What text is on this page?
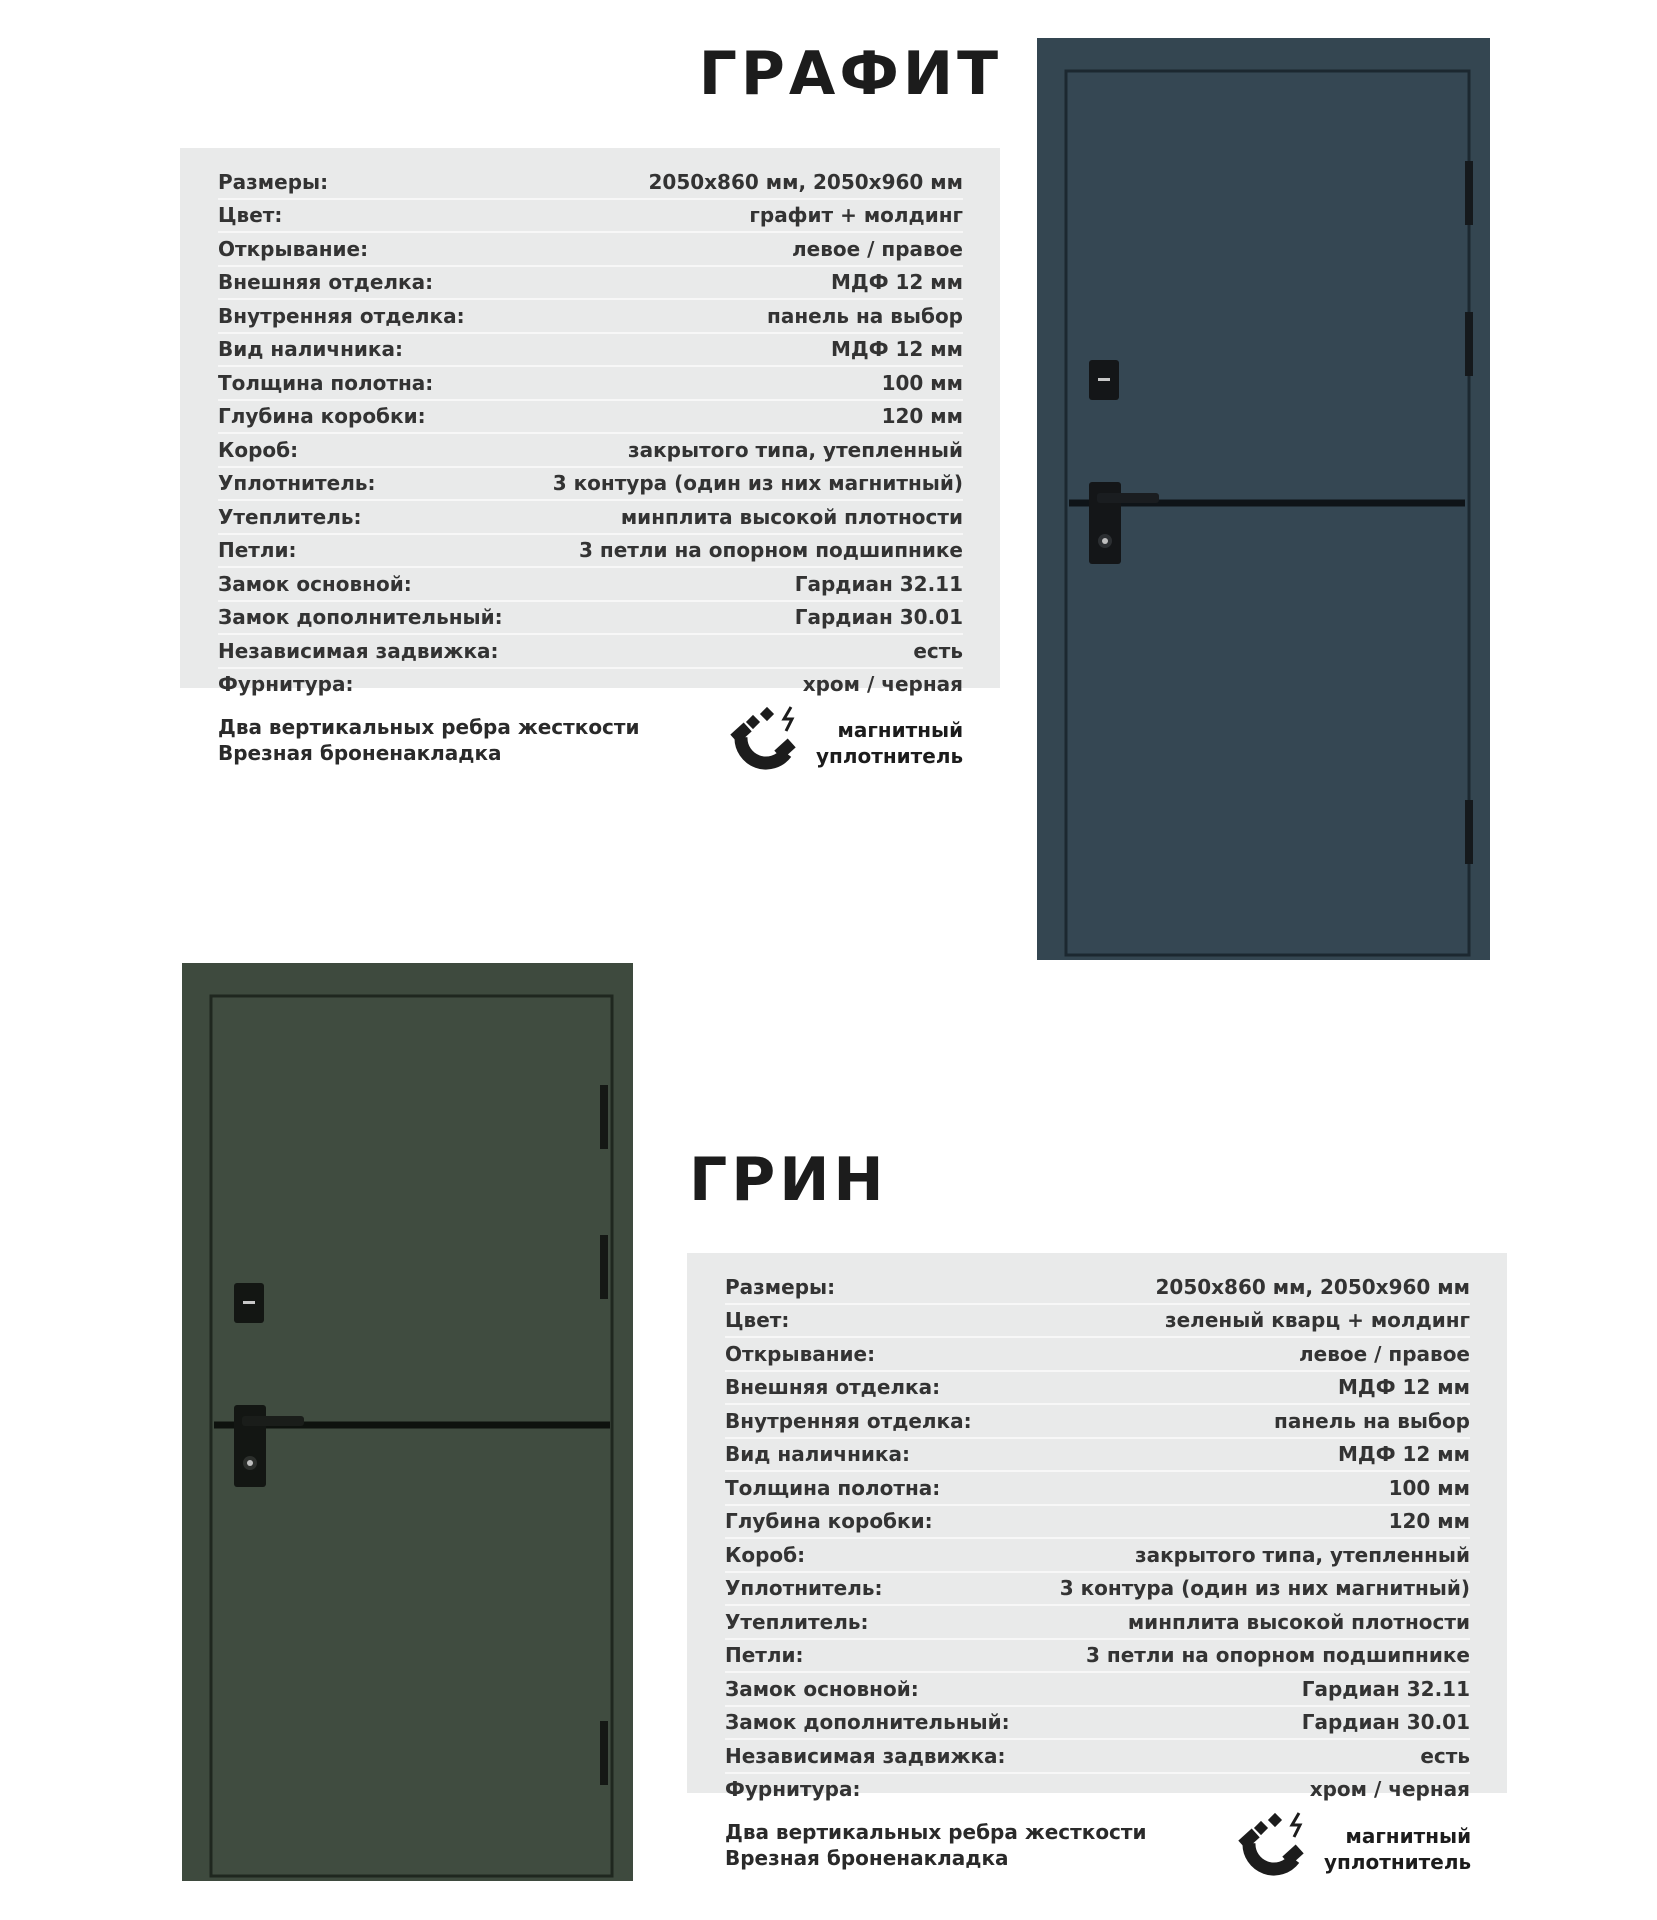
ГРАФИТ
Размеры:	2050x860 мм, 2050x960 мм
Цвет:	графит + молдинг
Открывание:	левое / правое
Внешняя отделка:	МДФ 12 мм
Внутренняя отделка:	панель на выбор
Вид наличника:	МДФ 12 мм
Толщина полотна:	100 мм
Глубина коробки:	120 мм
Короб:	закрытого типа, утепленный
Уплотнитель:	3 контура (один из них магнитный)
Утеплитель:	минплита высокой плотности
Петли:	3 петли на опорном подшипнике
Замок основной:	Гардиан 32.11
Замок дополнительный:	Гардиан 30.01
Независимая задвижка:	есть
Фурнитура:	хром / черная
Два вертикальных ребра жесткости
Врезная броненакладка
магнитный
уплотнитель
ГРИН
Размеры:	2050x860 мм, 2050x960 мм
Цвет:	зеленый кварц + молдинг
Открывание:	левое / правое
Внешняя отделка:	МДФ 12 мм
Внутренняя отделка:	панель на выбор
Вид наличника:	МДФ 12 мм
Толщина полотна:	100 мм
Глубина коробки:	120 мм
Короб:	закрытого типа, утепленный
Уплотнитель:	3 контура (один из них магнитный)
Утеплитель:	минплита высокой плотности
Петли:	3 петли на опорном подшипнике
Замок основной:	Гардиан 32.11
Замок дополнительный:	Гардиан 30.01
Независимая задвижка:	есть
Фурнитура:	хром / черная
Два вертикальных ребра жесткости
Врезная броненакладка
магнитный
уплотнитель
